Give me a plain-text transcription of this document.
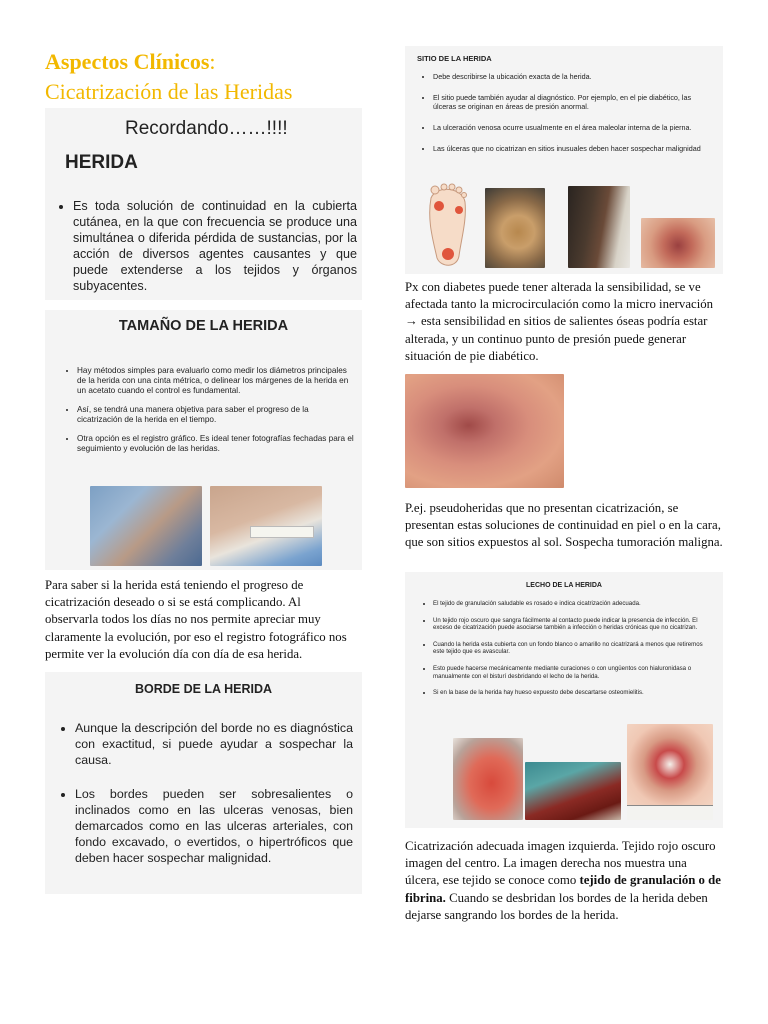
Aspectos Clínicos:
Cicatrización de las Heridas
Recordando……!!!!
HERIDA
• Es toda solución de continuidad en la cubierta cutánea, en la que con frecuencia se produce una simultánea o diferida pérdida de sustancias, por la acción de diversos agentes causantes y que puede extenderse a los tejidos y órganos subyacentes.
TAMAÑO DE LA HERIDA
• Hay métodos simples para evaluarlo como medir los diámetros principales de la herida con una cinta métrica, o delinear los márgenes de la herida en un acetato cuando el control es fundamental.
• Así, se tendrá una manera objetiva para saber el progreso de la cicatrización de la herida en el tiempo.
• Otra opción es el registro gráfico. Es ideal tener fotografías fechadas para el seguimiento y evolución de las heridas.
Para saber si la herida está teniendo el progreso de cicatrización deseado o si se está complicando. Al observarla todos los días no nos permite apreciar muy claramente la evolución, por eso el registro fotográfico nos permite ver la evolución día con día de esa herida.
BORDE DE LA HERIDA
• Aunque la descripción del borde no es diagnóstica con exactitud, si puede ayudar a sospechar la causa.
• Los bordes pueden ser sobresalientes o inclinados como en las ulceras venosas, bien demarcados como en las ulceras arteriales, con fondo excavado, o evertidos, o hipertróficos que deben hacer sospechar malignidad.
SITIO DE LA HERIDA
• Debe describirse la ubicación exacta de la herida.
• El sitio puede también ayudar al diagnóstico. Por ejemplo, en el pie diabético, las úlceras se originan en áreas de presión anormal.
• La ulceración venosa ocurre usualmente en el área maleolar interna de la pierna.
• Las úlceras que no cicatrizan en sitios inusuales deben hacer sospechar malignidad
Px con diabetes puede tener alterada la sensibilidad, se ve afectada tanto la microcirculación como la micro inervación → esta sensibilidad en sitios de salientes óseas podría estar alterada, y un continuo punto de presión puede generar situación de pie diabético.
P.ej. pseudoheridas que no presentan cicatrización, se presentan estas soluciones de continuidad en piel o en la cara, que son sitios expuestos al sol. Sospecha tumoración maligna.
LECHO DE LA HERIDA
• El tejido de granulación saludable es rosado e indica cicatrización adecuada.
• Un tejido rojo oscuro que sangra fácilmente al contacto puede indicar la presencia de infección. El exceso de cicatrización puede asociarse también a infección o heridas crónicas que no cicatrizan.
• Cuando la herida esta cubierta con un fondo blanco o amarillo no cicatrizará a menos que retiremos este tejido que es avascular.
• Esto puede hacerse mecánicamente mediante curaciones o con ungüentos con hialuronidasa o manualmente con el bisturí desbridando el lecho de la herida.
• Si en la base de la herida hay hueso expuesto debe descartarse osteomielitis.
Cicatrización adecuada imagen izquierda. Tejido rojo oscuro imagen del centro. La imagen derecha nos muestra una úlcera, ese tejido se conoce como tejido de granulación o de fibrina. Cuando se desbridan los bordes de la herida deben dejarse sangrando los bordes de la herida.
